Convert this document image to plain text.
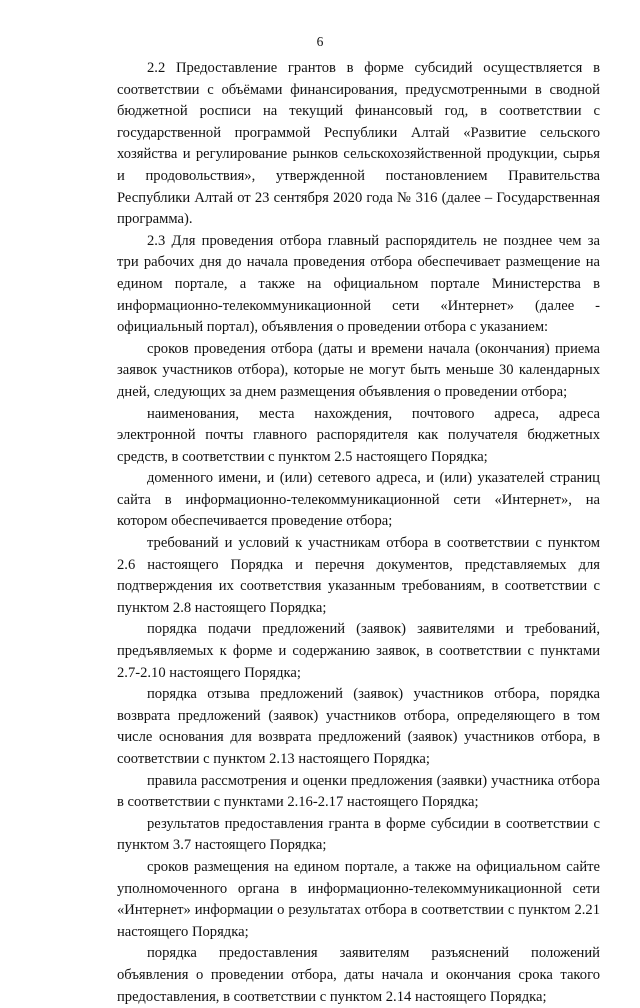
6

2.2 Предоставление грантов в форме субсидий осуществляется в соответствии с объёмами финансирования, предусмотренными в сводной бюджетной росписи на текущий финансовый год, в соответствии с государственной программой Республики Алтай «Развитие сельского хозяйства и регулирование рынков сельскохозяйственной продукции, сырья и продовольствия», утвержденной постановлением Правительства Республики Алтай от 23 сентября 2020 года № 316 (далее – Государственная программа).

2.3 Для проведения отбора главный распорядитель не позднее чем за три рабочих дня до начала проведения отбора обеспечивает размещение на едином портале, а также на официальном портале Министерства в информационно-телекоммуникационной сети «Интернет» (далее - официальный портал), объявления о проведении отбора с указанием:

сроков проведения отбора (даты и времени начала (окончания) приема заявок участников отбора), которые не могут быть меньше 30 календарных дней, следующих за днем размещения объявления о проведении отбора;

наименования, места нахождения, почтового адреса, адреса электронной почты главного распорядителя как получателя бюджетных средств, в соответствии с пунктом 2.5 настоящего Порядка;

доменного имени, и (или) сетевого адреса, и (или) указателей страниц сайта в информационно-телекоммуникационной сети «Интернет», на котором обеспечивается проведение отбора;

требований и условий к участникам отбора в соответствии с пунктом 2.6 настоящего Порядка и перечня документов, представляемых для подтверждения их соответствия указанным требованиям, в соответствии с пунктом 2.8 настоящего Порядка;

порядка подачи предложений (заявок) заявителями и требований, предъявляемых к форме и содержанию заявок, в соответствии с пунктами 2.7-2.10 настоящего Порядка;

порядка отзыва предложений (заявок) участников отбора, порядка возврата предложений (заявок) участников отбора, определяющего в том числе основания для возврата предложений (заявок) участников отбора, в соответствии с пунктом 2.13 настоящего Порядка;

правила рассмотрения и оценки предложения (заявки) участника отбора в соответствии с пунктами 2.16-2.17 настоящего Порядка;

результатов предоставления гранта в форме субсидии в соответствии с пунктом 3.7 настоящего Порядка;

сроков размещения на едином портале, а также на официальном сайте уполномоченного органа в информационно-телекоммуникационной сети «Интернет» информации о результатах отбора в соответствии с пунктом 2.21 настоящего Порядка;

порядка предоставления заявителям разъяснений положений объявления о проведении отбора, даты начала и окончания срока такого предоставления, в соответствии с пунктом 2.14 настоящего Порядка;
